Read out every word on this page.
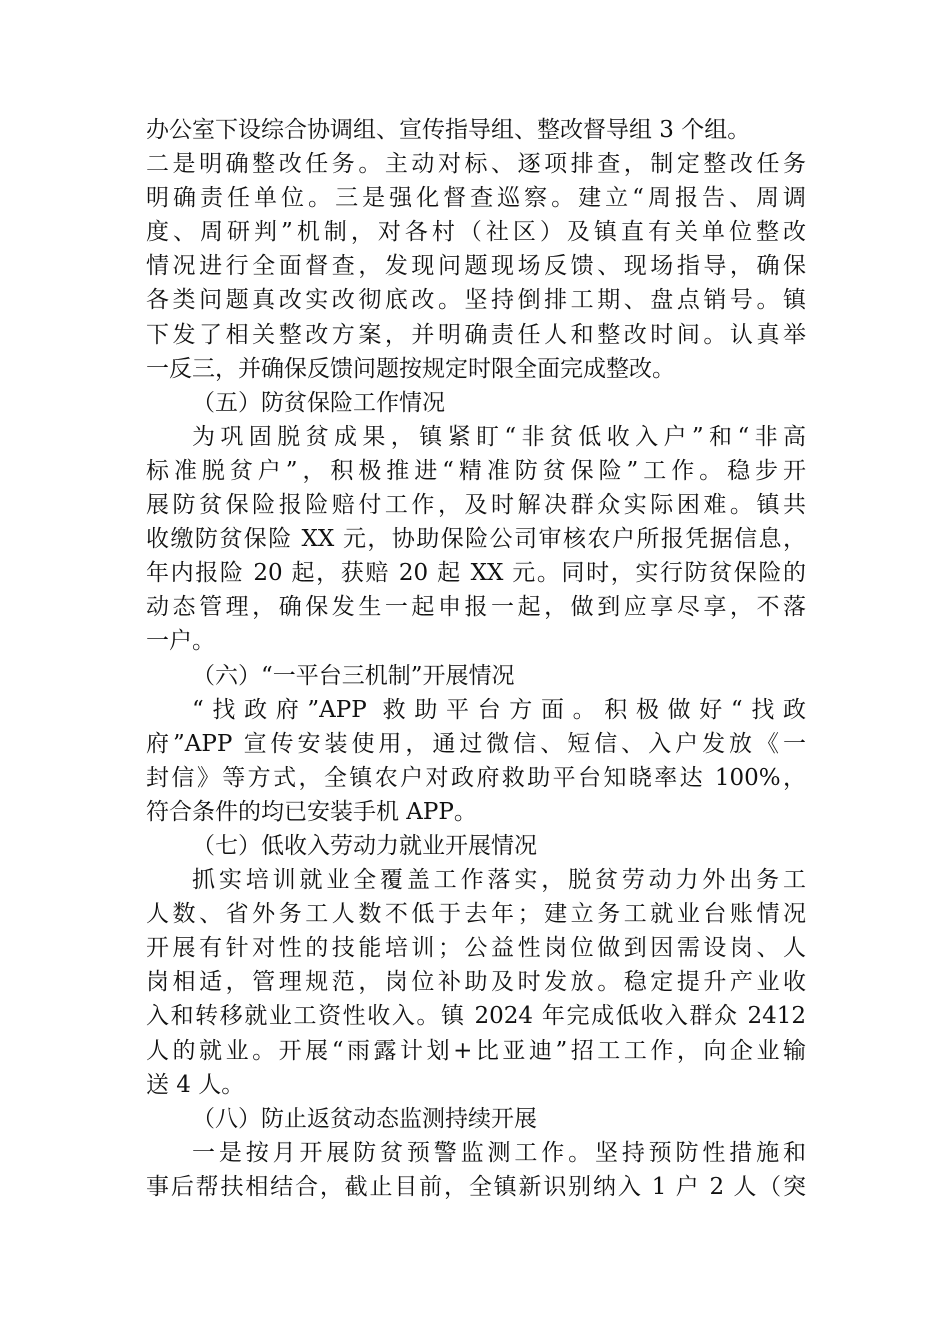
办公室下设综合协调组、宣传指导组、整改督导组 3 个组。
二是明确整改任务。主动对标、逐项排查，制定整改任务
明确责任单位。三是强化督查巡察。建立“周报告、周调
度、周研判”机制，对各村（社区）及镇直有关单位整改
情况进行全面督查，发现问题现场反馈、现场指导，确保
各类问题真改实改彻底改。坚持倒排工期、盘点销号。镇
下发了相关整改方案，并明确责任人和整改时间。认真举
一反三，并确保反馈问题按规定时限全面完成整改。
（五）防贫保险工作情况
为巩固脱贫成果，镇紧盯“非贫低收入户”和“非高
标准脱贫户”，积极推进“精准防贫保险”工作。稳步开
展防贫保险报险赔付工作，及时解决群众实际困难。镇共
收缴防贫保险 XX 元，协助保险公司审核农户所报凭据信息，
年内报险 20 起，获赔 20 起 XX 元。同时，实行防贫保险的
动态管理，确保发生一起申报一起，做到应享尽享，不落
一户。
（六）“一平台三机制”开展情况
“找政府”APP 救助平台方面。积极做好“找政
府”APP 宣传安装使用，通过微信、短信、入户发放《一
封信》等方式，全镇农户对政府救助平台知晓率达 100%，
符合条件的均已安装手机 APP。
（七）低收入劳动力就业开展情况
抓实培训就业全覆盖工作落实，脱贫劳动力外出务工
人数、省外务工人数不低于去年；建立务工就业台账情况
开展有针对性的技能培训；公益性岗位做到因需设岗、人
岗相适，管理规范，岗位补助及时发放。稳定提升产业收
入和转移就业工资性收入。镇 2024 年完成低收入群众 2412
人的就业。开展“雨露计划+比亚迪”招工工作，向企业输
送 4 人。
（八）防止返贫动态监测持续开展
一是按月开展防贫预警监测工作。坚持预防性措施和
事后帮扶相结合，截止目前，全镇新识别纳入 1 户 2 人（突
